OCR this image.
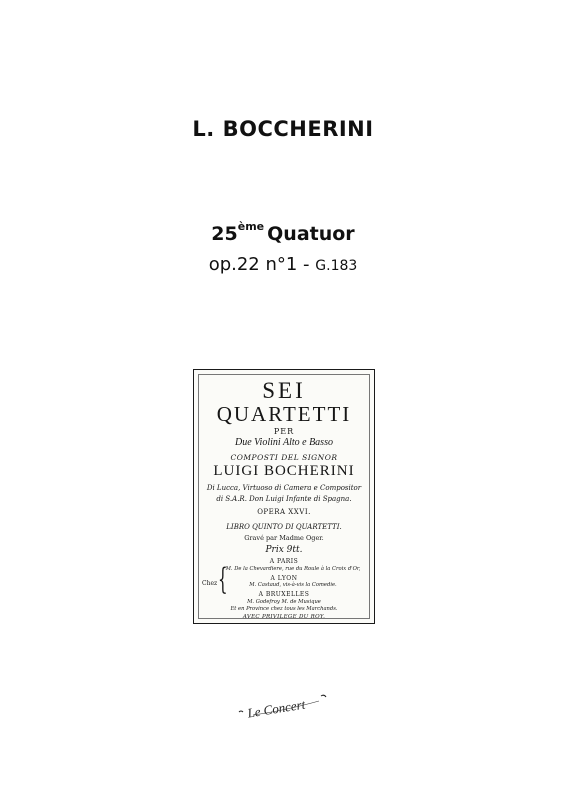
L. BOCCHERINI
25ème Quatuor
op.22 n°1 - G.183
SEI
QUARTETTI
PER
Due Violini Alto e Basso
COMPOSTI DEL SIGNOR
LUIGI BOCHERINI
Di Lucca, Virtuoso di Camera e Compositor
di S.A.R. Don Luigi Infante di Spagna.
OPERA XXVI.
LIBRO QUINTO DI QUARTETTI.
Gravé par Madme Oger.
Prix 9tt.
A PARIS
M. De la Chevardiere, rue du Roule à la Croix d'Or,
Chez {	A LYON
M. Castaud, vis-à-vis la Comedie.
A BRUXELLES
M. Godefroy M. de Musique
Et en Province chez tous les Marchands.
AVEC PRIVILEGE DU ROY.
Le Concert
